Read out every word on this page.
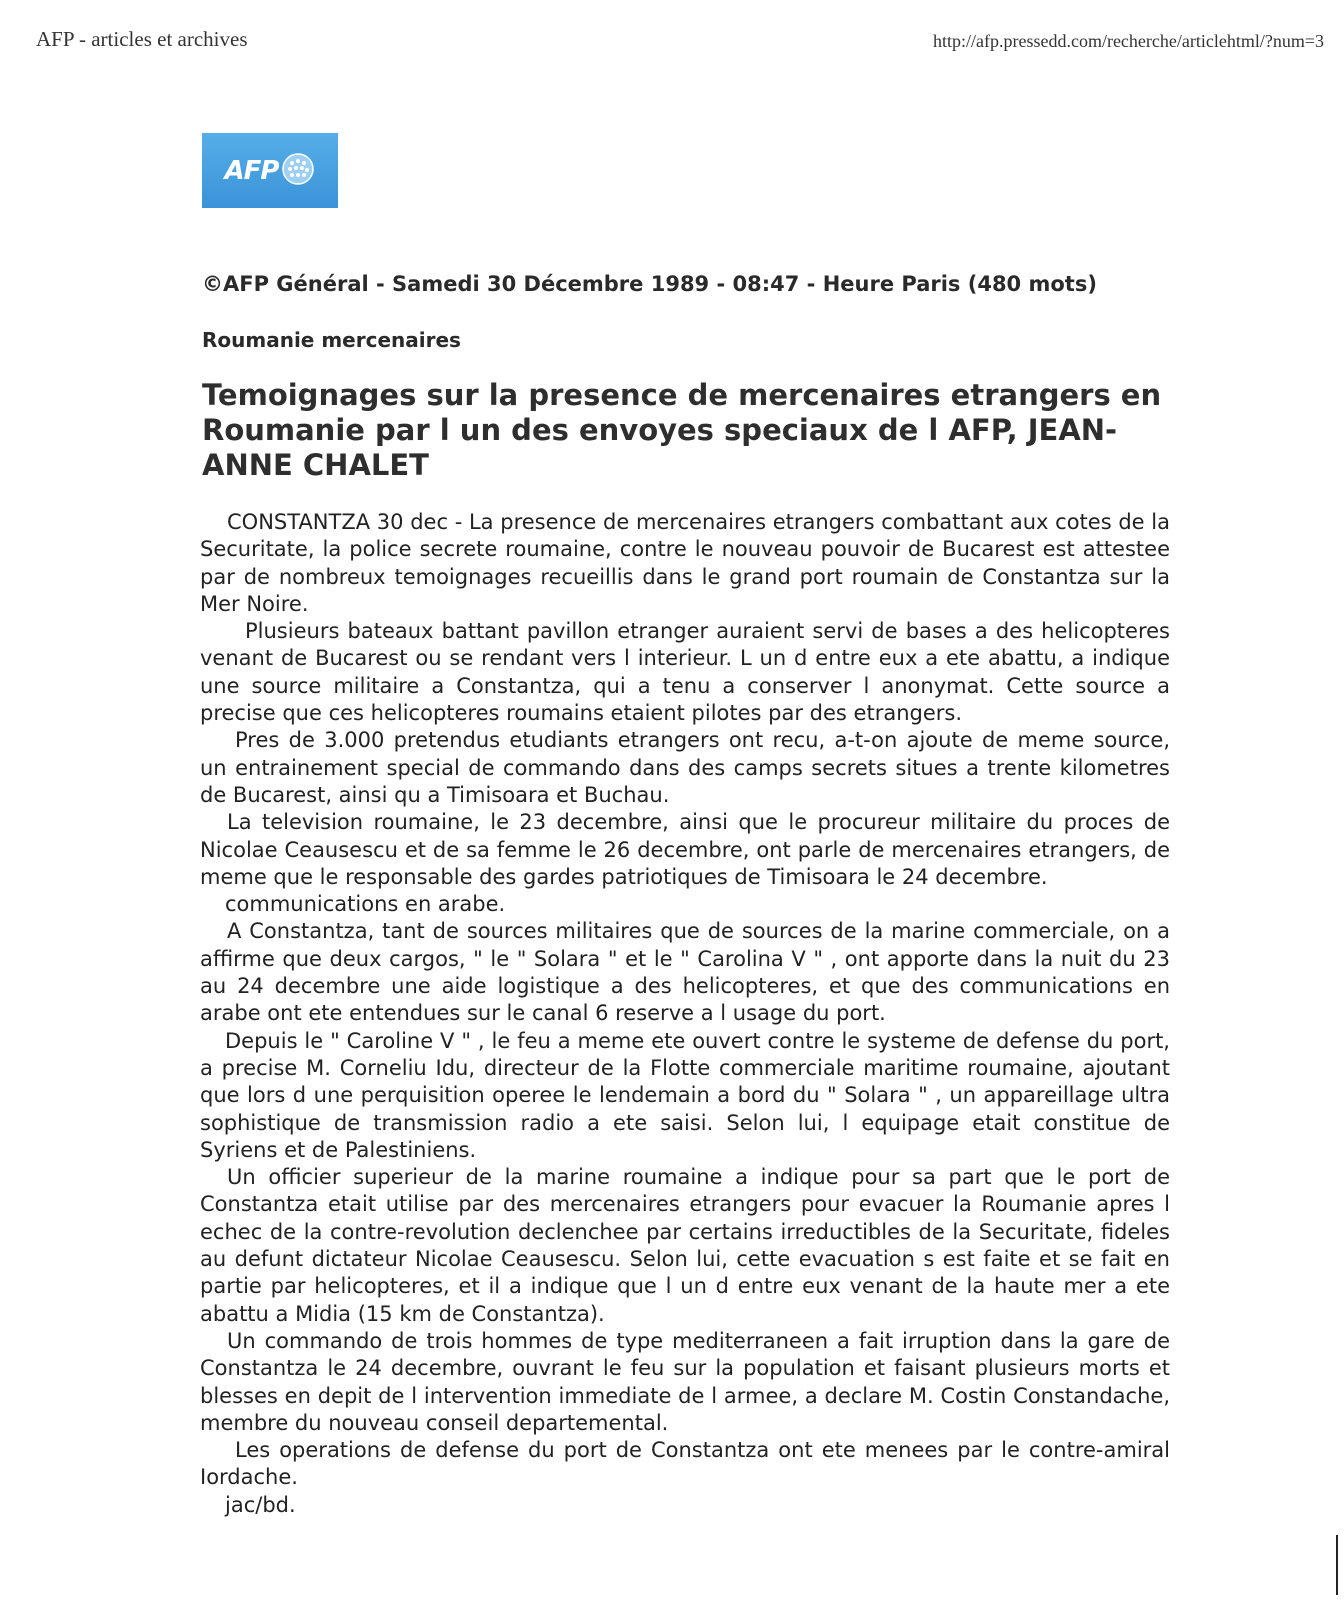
AFP - articles et archives	http://afp.pressedd.com/recherche/articlehtml/?num=3
AFP
©AFP Général - Samedi 30 Décembre 1989 - 08:47 - Heure Paris (480 mots)
Roumanie mercenaires
Temoignages sur la presence de mercenaires etrangers en Roumanie par l un des envoyes speciaux de l AFP, JEAN- ANNE CHALET

CONSTANTZA 30 dec - La presence de mercenaires etrangers combattant aux cotes de la Securitate, la police secrete roumaine, contre le nouveau pouvoir de Bucarest est attestee par de nombreux temoignages recueillis dans le grand port roumain de Constantza sur la Mer Noire.

Plusieurs bateaux battant pavillon etranger auraient servi de bases a des helicopteres venant de Bucarest ou se rendant vers l interieur. L un d entre eux a ete abattu, a indique une source militaire a Constantza, qui a tenu a conserver l anonymat. Cette source a precise que ces helicopteres roumains etaient pilotes par des etrangers.

Pres de 3.000 pretendus etudiants etrangers ont recu, a-t-on ajoute de meme source, un entrainement special de commando dans des camps secrets situes a trente kilometres de Bucarest, ainsi qu a Timisoara et Buchau.

La television roumaine, le 23 decembre, ainsi que le procureur militaire du proces de Nicolae Ceausescu et de sa femme le 26 decembre, ont parle de mercenaires etrangers, de meme que le responsable des gardes patriotiques de Timisoara le 24 decembre.

communications en arabe.

A Constantza, tant de sources militaires que de sources de la marine commerciale, on a affirme que deux cargos, " le " Solara " et le " Carolina V " , ont apporte dans la nuit du 23 au 24 decembre une aide logistique a des helicopteres, et que des communications en arabe ont ete entendues sur le canal 6 reserve a l usage du port.

Depuis le " Caroline V " , le feu a meme ete ouvert contre le systeme de defense du port, a precise M. Corneliu Idu, directeur de la Flotte commerciale maritime roumaine, ajoutant que lors d une perquisition operee le lendemain a bord du " Solara " , un appareillage ultra sophistique de transmission radio a ete saisi. Selon lui, l equipage etait constitue de Syriens et de Palestiniens.

Un officier superieur de la marine roumaine a indique pour sa part que le port de Constantza etait utilise par des mercenaires etrangers pour evacuer la Roumanie apres l echec de la contre-revolution declenchee par certains irreductibles de la Securitate, fideles au defunt dictateur Nicolae Ceausescu. Selon lui, cette evacuation s est faite et se fait en partie par helicopteres, et il a indique que l un d entre eux venant de la haute mer a ete abattu a Midia (15 km de Constantza).

Un commando de trois hommes de type mediterraneen a fait irruption dans la gare de Constantza le 24 decembre, ouvrant le feu sur la population et faisant plusieurs morts et blesses en depit de l intervention immediate de l armee, a declare M. Costin Constandache, membre du nouveau conseil departemental.

Les operations de defense du port de Constantza ont ete menees par le contre-amiral Iordache.

jac/bd.
